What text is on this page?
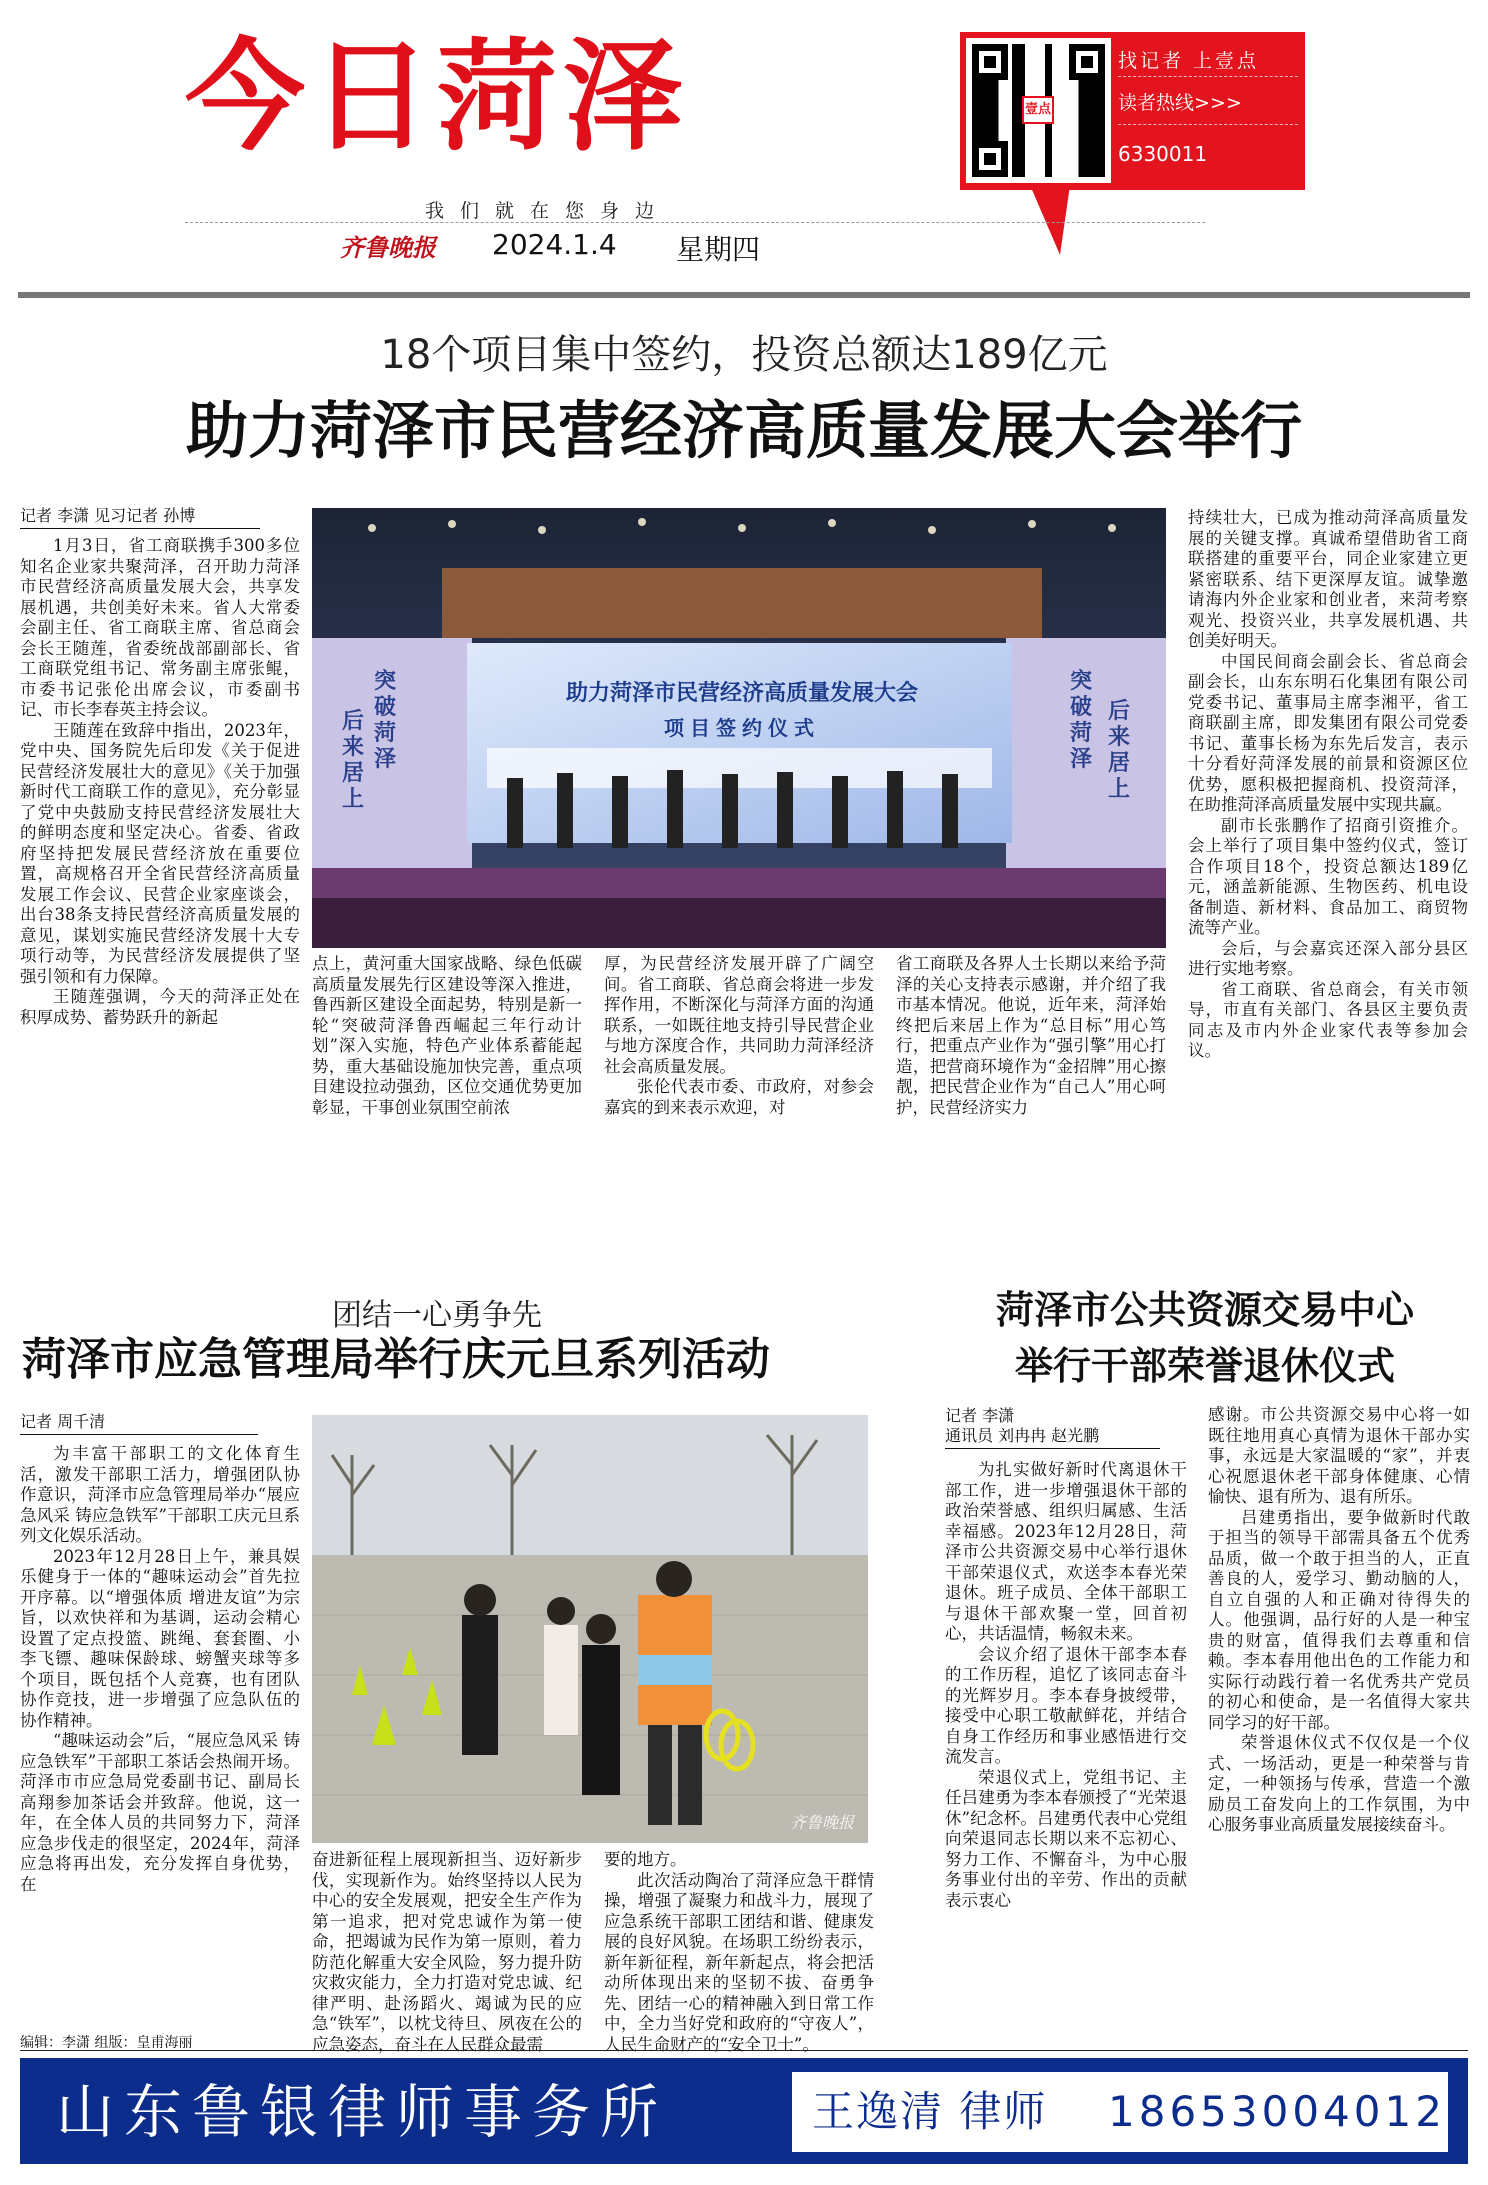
今日菏泽	壹点
找记者 上壹点
读者热线>>>
6330011
我们就在您身边
齐鲁晚报 2024.1.4 星期四
18个项目集中签约，投资总额达189亿元
助力菏泽市民营经济高质量发展大会举行
记者 李潇 见习记者 孙博

1月3日，省工商联携手300多位知名企业家共聚菏泽，召开助力菏泽市民营经济高质量发展大会，共享发展机遇，共创美好未来。省人大常委会副主任、省工商联主席、省总商会会长王随莲，省委统战部副部长、省工商联党组书记、常务副主席张鲲，市委书记张伦出席会议，市委副书记、市长李春英主持会议。

王随莲在致辞中指出，2023年，党中央、国务院先后印发《关于促进民营经济发展壮大的意见》《关于加强新时代工商联工作的意见》，充分彰显了党中央鼓励支持民营经济发展壮大的鲜明态度和坚定决心。省委、省政府坚持把发展民营经济放在重要位置，高规格召开全省民营经济高质量发展工作会议、民营企业家座谈会，出台38条支持民营经济高质量发展的意见，谋划实施民营经济发展十大专项行动等，为民营经济发展提供了坚强引领和有力保障。

王随莲强调，今天的菏泽正处在积厚成势、蓄势跃升的新起

助力菏泽市民营经济高质量发展大会
项目签约仪式
突破菏泽
后来居上
突破菏泽
后来居上

点上，黄河重大国家战略、绿色低碳高质量发展先行区建设等深入推进，鲁西新区建设全面起势，特别是新一轮“突破菏泽鲁西崛起三年行动计划”深入实施，特色产业体系蓄能起势，重大基础设施加快完善，重点项目建设拉动强劲，区位交通优势更加彰显，干事创业氛围空前浓

厚，为民营经济发展开辟了广阔空间。省工商联、省总商会将进一步发挥作用，不断深化与菏泽方面的沟通联系，一如既往地支持引导民营企业与地方深度合作，共同助力菏泽经济社会高质量发展。

张伦代表市委、市政府，对参会嘉宾的到来表示欢迎，对

省工商联及各界人士长期以来给予菏泽的关心支持表示感谢，并介绍了我市基本情况。他说，近年来，菏泽始终把后来居上作为“总目标”用心笃行，把重点产业作为“强引擎”用心打造，把营商环境作为“金招牌”用心擦靓，把民营企业作为“自己人”用心呵护，民营经济实力

持续壮大，已成为推动菏泽高质量发展的关键支撑。真诚希望借助省工商联搭建的重要平台，同企业家建立更紧密联系、结下更深厚友谊。诚挚邀请海内外企业家和创业者，来菏考察观光、投资兴业，共享发展机遇、共创美好明天。

中国民间商会副会长、省总商会副会长，山东东明石化集团有限公司党委书记、董事局主席李湘平，省工商联副主席，即发集团有限公司党委书记、董事长杨为东先后发言，表示十分看好菏泽发展的前景和资源区位优势，愿积极把握商机、投资菏泽，在助推菏泽高质量发展中实现共赢。

副市长张鹏作了招商引资推介。会上举行了项目集中签约仪式，签订合作项目18个，投资总额达189亿元，涵盖新能源、生物医药、机电设备制造、新材料、食品加工、商贸物流等产业。

会后，与会嘉宾还深入部分县区进行实地考察。

省工商联、省总商会，有关市领导，市直有关部门、各县区主要负责同志及市内外企业家代表等参加会议。

团结一心勇争先
菏泽市应急管理局举行庆元旦系列活动
记者 周千清

为丰富干部职工的文化体育生活，激发干部职工活力，增强团队协作意识，菏泽市应急管理局举办“展应急风采 铸应急铁军”干部职工庆元旦系列文化娱乐活动。

2023年12月28日上午，兼具娱乐健身于一体的“趣味运动会”首先拉开序幕。以“增强体质 增进友谊”为宗旨，以欢快祥和为基调，运动会精心设置了定点投篮、跳绳、套套圈、小李飞镖、趣味保龄球、螃蟹夹球等多个项目，既包括个人竞赛，也有团队协作竞技，进一步增强了应急队伍的协作精神。

“趣味运动会”后，“展应急风采 铸应急铁军”干部职工茶话会热闹开场。菏泽市市应急局党委副书记、副局长高翔参加茶话会并致辞。他说，这一年，在全体人员的共同努力下，菏泽应急步伐走的很坚定，2024年，菏泽应急将再出发，充分发挥自身优势，在

齐鲁晚报

奋进新征程上展现新担当、迈好新步伐，实现新作为。始终坚持以人民为中心的安全发展观，把安全生产作为第一追求，把对党忠诚作为第一使命，把竭诚为民作为第一原则，着力防范化解重大安全风险，努力提升防灾救灾能力，全力打造对党忠诚、纪律严明、赴汤蹈火、竭诚为民的应急“铁军”，以枕戈待旦、夙夜在公的应急姿态，奋斗在人民群众最需

要的地方。

此次活动陶冶了菏泽应急干群情操，增强了凝聚力和战斗力，展现了应急系统干部职工团结和谐、健康发展的良好风貌。在场职工纷纷表示，新年新征程，新年新起点，将会把活动所体现出来的坚韧不拔、奋勇争先、团结一心的精神融入到日常工作中，全力当好党和政府的“守夜人”，人民生命财产的“安全卫士”。

菏泽市公共资源交易中心
举行干部荣誉退休仪式
记者 李潇
通讯员 刘冉冉 赵光鹏

为扎实做好新时代离退休干部工作，进一步增强退休干部的政治荣誉感、组织归属感、生活幸福感。2023年12月28日，菏泽市公共资源交易中心举行退休干部荣退仪式，欢送李本春光荣退休。班子成员、全体干部职工与退休干部欢聚一堂，回首初心，共话温情，畅叙未来。

会议介绍了退休干部李本春的工作历程，追忆了该同志奋斗的光辉岁月。李本春身披绶带，接受中心职工敬献鲜花，并结合自身工作经历和事业感悟进行交流发言。

荣退仪式上，党组书记、主任吕建勇为李本春颁授了“光荣退休”纪念杯。吕建勇代表中心党组向荣退同志长期以来不忘初心、努力工作、不懈奋斗，为中心服务事业付出的辛劳、作出的贡献表示衷心

感谢。市公共资源交易中心将一如既往地用真心真情为退休干部办实事，永远是大家温暖的“家”，并衷心祝愿退休老干部身体健康、心情愉快、退有所为、退有所乐。

吕建勇指出，要争做新时代敢于担当的领导干部需具备五个优秀品质，做一个敢于担当的人，正直善良的人，爱学习、勤动脑的人，自立自强的人和正确对待得失的人。他强调，品行好的人是一种宝贵的财富，值得我们去尊重和信赖。李本春用他出色的工作能力和实际行动践行着一名优秀共产党员的初心和使命，是一名值得大家共同学习的好干部。

荣誉退休仪式不仅仅是一个仪式、一场活动，更是一种荣誉与肯定，一种领扬与传承，营造一个激励员工奋发向上的工作氛围，为中心服务事业高质量发展接续奋斗。

编辑：李潇 组版：皇甫海丽
山东鲁银律师事务所	王逸清 律师 18653004012
